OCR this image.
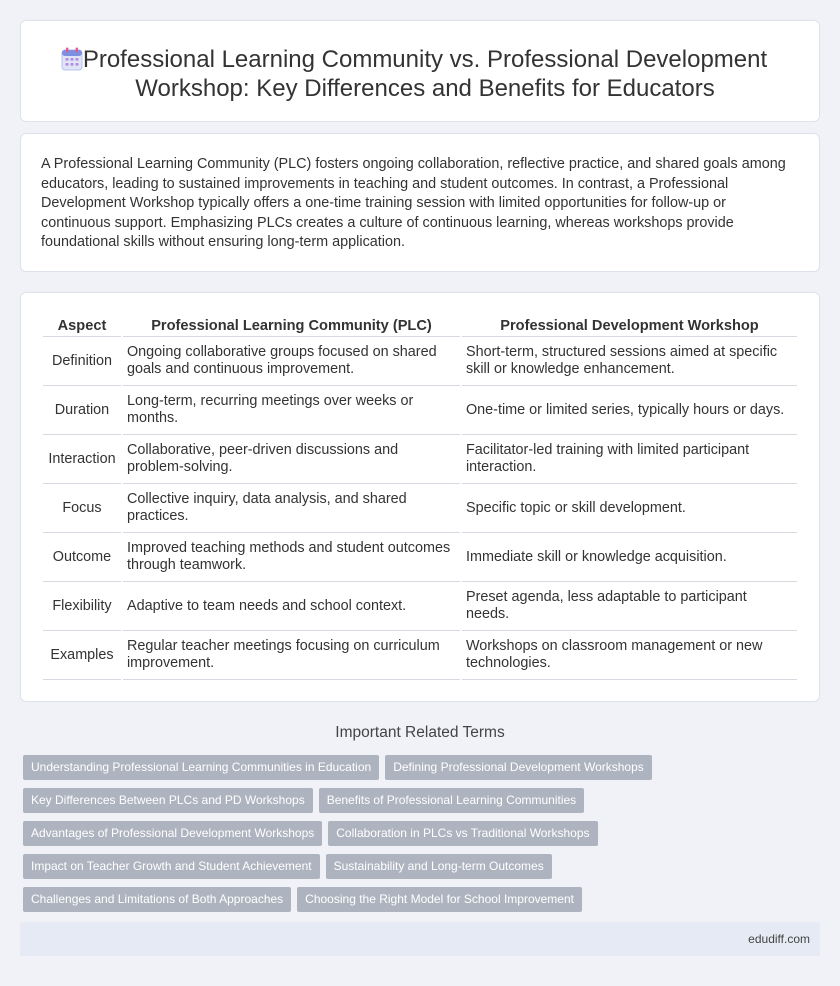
Professional Learning Community vs. Professional Development Workshop: Key Differences and Benefits for Educators

A Professional Learning Community (PLC) fosters ongoing collaboration, reflective practice, and shared goals among educators, leading to sustained improvements in teaching and student outcomes. In contrast, a Professional Development Workshop typically offers a one-time training session with limited opportunities for follow-up or continuous support. Emphasizing PLCs creates a culture of continuous learning, whereas workshops provide foundational skills without ensuring long-term application.

Aspect	Professional Learning Community (PLC)	Professional Development Workshop
Definition	Ongoing collaborative groups focused on shared goals and continuous improvement.	Short-term, structured sessions aimed at specific skill or knowledge enhancement.
Duration	Long-term, recurring meetings over weeks or months.	One-time or limited series, typically hours or days.
Interaction	Collaborative, peer-driven discussions and problem-solving.	Facilitator-led training with limited participant interaction.
Focus	Collective inquiry, data analysis, and shared practices.	Specific topic or skill development.
Outcome	Improved teaching methods and student outcomes through teamwork.	Immediate skill or knowledge acquisition.
Flexibility	Adaptive to team needs and school context.	Preset agenda, less adaptable to participant needs.
Examples	Regular teacher meetings focusing on curriculum improvement.	Workshops on classroom management or new technologies.
Important Related Terms
Understanding Professional Learning Communities in Education	Defining Professional Development Workshops
Key Differences Between PLCs and PD Workshops	Benefits of Professional Learning Communities
Advantages of Professional Development Workshops	Collaboration in PLCs vs Traditional Workshops
Impact on Teacher Growth and Student Achievement	Sustainability and Long-term Outcomes
Challenges and Limitations of Both Approaches	Choosing the Right Model for School Improvement
edudiff.com
